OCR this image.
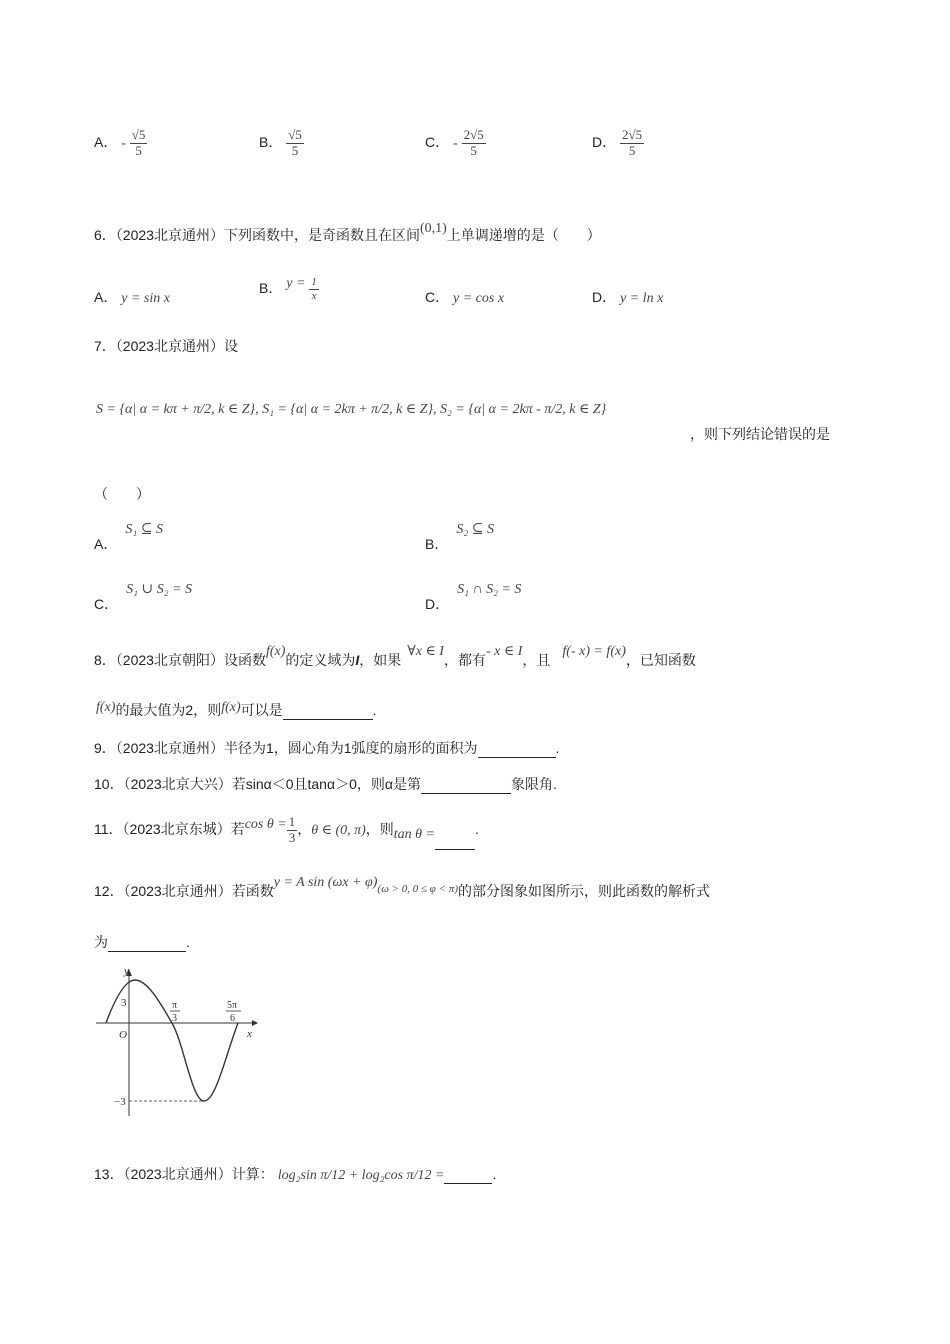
A． - $\frac{√5}{5}$	B． $\frac{√5}{5}$	C． - $\frac{2√5}{5}$	D． $\frac{2√5}{5}$
6．（2023北京通州）下列函数中，是奇函数且在区间(0,1)上单调递增的是（　　）
A． y = sin x
B． $y = \frac{1}{x}$	C． y = cos x	D． y = ln x
7．（2023北京通州）设
S = {α| α = kπ + π/2, k ∈ Z}, S₁ = {α| α = 2kπ + π/2, k ∈ Z}, S₂ = {α| α = 2kπ - π/2, k ∈ Z}
，则下列结论错误的是
（　　）
A．S₁ ⊆ S
B．S₂ ⊆ S
C．S₁ ∪ S₂ = S
D．S₁ ∩ S₂ = S
8．（2023北京朝阳）设函数f(x)的定义域为I，如果∀x ∈ I，都有- x ∈ I，且f(- x) = f(x)，已知函数
f(x)的最大值为2，则f(x)可以是	.
9．（2023北京通州）半径为1，圆心角为1弧度的扇形的面积为	.
10．（2023北京大兴）若sinα＜0且tanα＞0，则α是第	象限角.
11．（2023北京东城）若$\cos \theta = \frac{1}{3}$ ，θ ∈ (0, π)，则tan θ =	.
12．（2023北京通州）若函数y = A $\sin (\omega x + \varphi)^{(\omega > 0, 0 \le \varphi < \pi)}$的部分图象如图所示，则此函数的解析式
为	.
y
x
O
3
−3
π
3
5π
6
13．（2023北京通州）计算： log₂sin π/12 + log₂cos π/12 =	.
